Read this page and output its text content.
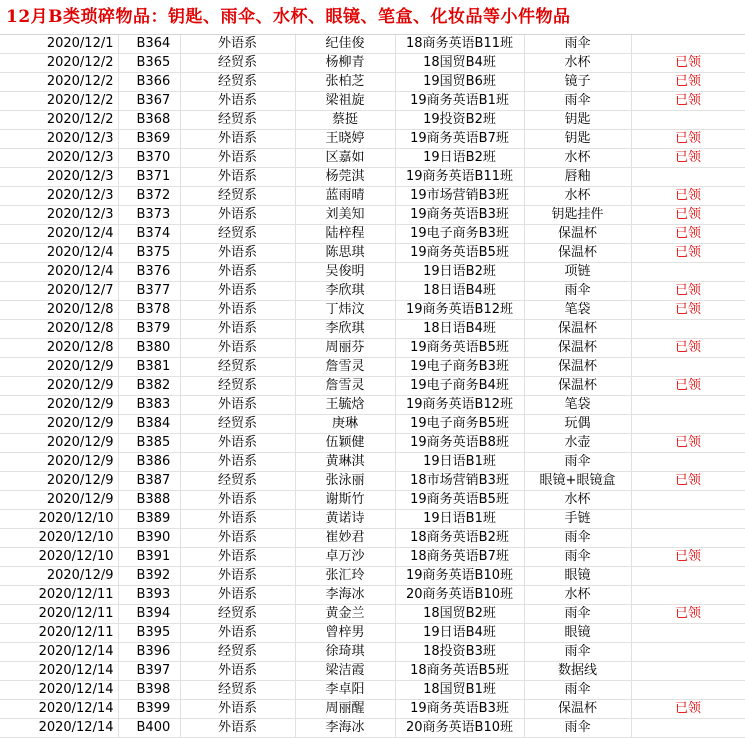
12月B类琐碎物品：钥匙、雨伞、水杯、眼镜、笔盒、化妆品等小件物品
2020/12/1	B364	外语系	纪佳俊	18商务英语B11班	雨伞	
2020/12/2	B365	经贸系	杨柳青	18国贸B4班	水杯	已领
2020/12/2	B366	经贸系	张柏芝	19国贸B6班	镜子	已领
2020/12/2	B367	外语系	梁祖旋	19商务英语B1班	雨伞	已领
2020/12/2	B368	经贸系	蔡挺	19投资B2班	钥匙	
2020/12/3	B369	外语系	王晓婷	19商务英语B7班	钥匙	已领
2020/12/3	B370	外语系	区嘉如	19日语B2班	水杯	已领
2020/12/3	B371	外语系	杨莞淇	19商务英语B11班	唇釉	
2020/12/3	B372	经贸系	蓝雨晴	19市场营销B3班	水杯	已领
2020/12/3	B373	外语系	刘美知	19商务英语B3班	钥匙挂件	已领
2020/12/4	B374	经贸系	陆梓程	19电子商务B3班	保温杯	已领
2020/12/4	B375	外语系	陈思琪	19商务英语B5班	保温杯	已领
2020/12/4	B376	外语系	吴俊明	19日语B2班	项链	
2020/12/7	B377	外语系	李欣琪	18日语B4班	雨伞	已领
2020/12/8	B378	外语系	丁炜汶	19商务英语B12班	笔袋	已领
2020/12/8	B379	外语系	李欣琪	18日语B4班	保温杯	
2020/12/8	B380	外语系	周丽芬	19商务英语B5班	保温杯	已领
2020/12/9	B381	经贸系	詹雪灵	19电子商务B3班	保温杯	
2020/12/9	B382	经贸系	詹雪灵	19电子商务B4班	保温杯	已领
2020/12/9	B383	外语系	王毓焓	19商务英语B12班	笔袋	
2020/12/9	B384	经贸系	庚琳	19电子商务B5班	玩偶	
2020/12/9	B385	外语系	伍颖健	19商务英语B8班	水壶	已领
2020/12/9	B386	外语系	黄琳淇	19日语B1班	雨伞	
2020/12/9	B387	经贸系	张泳丽	18市场营销B3班	眼镜+眼镜盒	已领
2020/12/9	B388	外语系	谢斯竹	19商务英语B5班	水杯	
2020/12/10	B389	外语系	黄诺诗	19日语B1班	手链	
2020/12/10	B390	外语系	崔妙君	18商务英语B2班	雨伞	
2020/12/10	B391	外语系	卓万沙	18商务英语B7班	雨伞	已领
2020/12/9	B392	外语系	张汇玲	19商务英语B10班	眼镜	
2020/12/11	B393	外语系	李海冰	20商务英语B10班	水杯	
2020/12/11	B394	经贸系	黄金兰	18国贸B2班	雨伞	已领
2020/12/11	B395	外语系	曾梓男	19日语B4班	眼镜	
2020/12/14	B396	经贸系	徐琦琪	18投资B3班	雨伞	
2020/12/14	B397	外语系	梁洁霞	18商务英语B5班	数据线	
2020/12/14	B398	经贸系	李卓阳	18国贸B1班	雨伞	
2020/12/14	B399	外语系	周丽醒	19商务英语B3班	保温杯	已领
2020/12/14	B400	外语系	李海冰	20商务英语B10班	雨伞	
